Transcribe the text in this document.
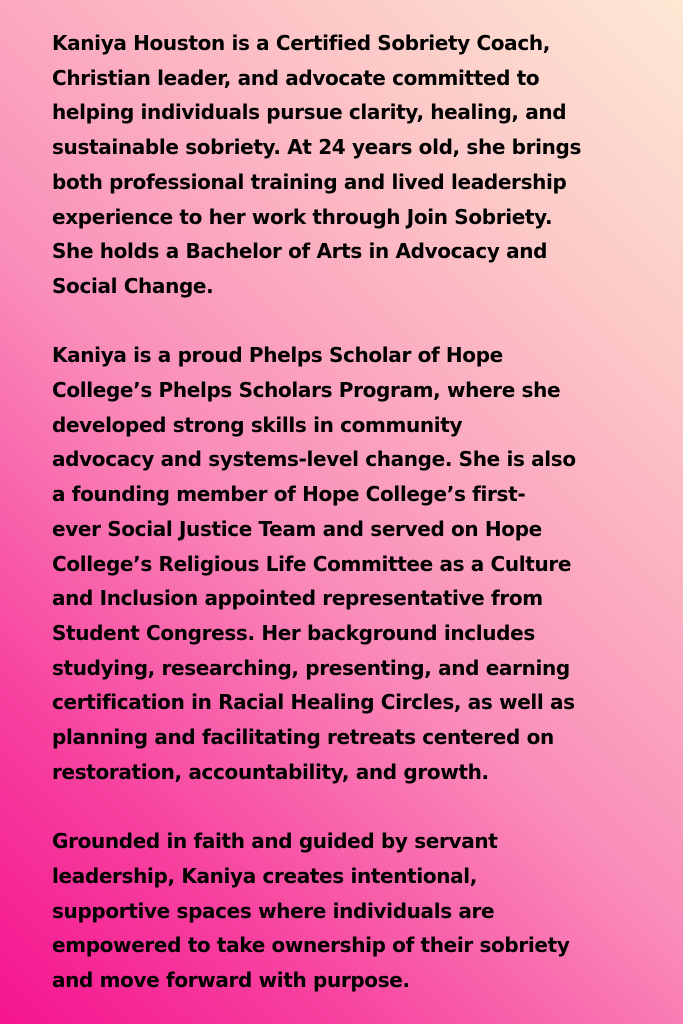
Kaniya Houston is a Certified Sobriety Coach,
Christian leader, and advocate committed to
helping individuals pursue clarity, healing, and
sustainable sobriety. At 24 years old, she brings
both professional training and lived leadership
experience to her work through Join Sobriety.
She holds a Bachelor of Arts in Advocacy and
Social Change.

Kaniya is a proud Phelps Scholar of Hope
College’s Phelps Scholars Program, where she
developed strong skills in community
advocacy and systems-level change. She is also
a founding member of Hope College’s first-
ever Social Justice Team and served on Hope
College’s Religious Life Committee as a Culture
and Inclusion appointed representative from
Student Congress. Her background includes
studying, researching, presenting, and earning
certification in Racial Healing Circles, as well as
planning and facilitating retreats centered on
restoration, accountability, and growth.

Grounded in faith and guided by servant
leadership, Kaniya creates intentional,
supportive spaces where individuals are
empowered to take ownership of their sobriety
and move forward with purpose.
